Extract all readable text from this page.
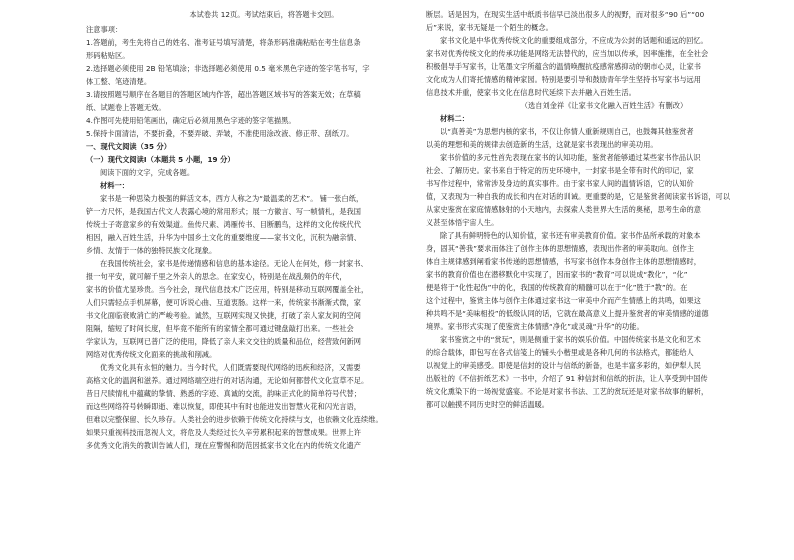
本试卷共 12页。考试结束后，将答题卡交回。
注意事项：
1.答题前，考生先将自己的姓名、准考证号填写清楚，将条形码准确粘贴在考生信息条
形码粘贴区。
2.选择题必须使用 2B 铅笔填涂；非选择题必须使用 0.5 毫米黑色字迹的签字笔书写，字
体工整、笔迹清楚。
3.请按照题号顺序在各题目的答题区域内作答，超出答题区域书写的答案无效；在草稿
纸、试题卷上答题无效。
4.作图可先使用铅笔画出，确定后必须用黑色字迹的签字笔描黑。
5.保持卡面清洁，不要折叠，不要弄破、弄皱，不准使用涂改液、修正带、刮纸刀。
一、现代文阅读（35 分）
（一）现代文阅读Ⅰ（本题共 5 小题，19 分）
阅读下面的文字，完成各题。
材料一：
家书是一种思染力极强的鲜活文本，西方人称之为“最温柔的艺术”。 铺一张白纸，
铲一方尺怀，是我国古代文人表露心境的常用形式；展一方徽言、写一帧情札，是我国
传统士子寄意家乡的有效渠道。鱼传尺素、鸿雁传书、目断鹏鸟，这样的文化传统代代
相因，融入百姓生活，升华为中国乡土文化的重要维度——家书文化，沉积为融亲情、
乡情、友情于一体的独特民族文化现象。
在我国传统社会，家书是传递情感和信息的基本途径。无论人在何处，修一封家书、
报一句平安，就可解千里之外亲人的思念。在家安心，特别是在战乱频仍的年代，
家书的价值尤显珍贵。当今社会，现代信息技术广泛应用，特别是移动互联网覆盖全社，
人们只需轻点手机屏幕，便可诉说心曲、互道衷肠。这样一来，传统家书渐渐式微，家
书文化面临衰败消亡的严峻考验。诚然，互联网实现又快捷，打破了亲人家友间的空间
阻隔，缩短了时间长度，但毕竟不能所有的家情全都可通过键盘敲打出来。一些社会
学家认为，互联网已普广泛的使用，降低了亲人来文交往的质量和品位，经营致何新网
网络对优秀传统文化面来的挑战和削减。
优秀文化具有永恒的魅力。当今时代，人们既需要现代网络的迅疾和经济，又需要
高格文化的温润和滋养。通过网络端空进行的对话沟通，无论如何都替代文化宣草不足。
昔日尺牍情札中蕴藏的挚情、熟悉的字迹、真诚的交流，韵味正式化的简单符号代替；
而这些网络符号转瞬即逝、难以恢复，即使其中有时也能进发出智慧火花和闪光言语，
但难以完整保留、长久珍存。人类社会的进步依赖于传统文化持续与支，也依赖文化连续维。
如果只重视科技而忽视人文，将危及人类经过长久辛劳累积起来的智慧成果。世界上许
多优秀文化消失的教训告诫人们，现在应警惕和防范因抵家书文化在内的传统文化遗产
断层。话是因为，在现实生活中纸质书信早已淡出很多人的视野，而对很多“90 后”“00
后”来说，家书无疑是一个陌生的概念。
家书文化是中华优秀传统文化的重要组成部分，不应成为公封的话题和遥远的回忆。
家书对优秀传统文化的传承功能是网络无法替代的，应当加以传承，因率施推，在全社会
积极倡导手写家书，让笔墨文字所蕴含的温情唤醒抗疫感常感抑动的朝市心灵，让家书
文化成为人们寄托情感的精神家园。特别是要引导和鼓励青年学生坚持书写家书与远用
信息技术并重，使家书文化在信息时代延续下去并融入百姓生活。
（选自刘金祥《让家书文化融入百姓生活》有删改）
材料二：
以“真善美”为思想内核的家书，不仅让你情人重新规则自己，也鼓舞其他鉴赏者
以美的理想和美的规律去创造新的生活，这就是家书表现出的审美功用。
家书价值的多元性首先表现在家书的认知功能，鉴赏者能够通过某些家书作品认识
社会、了解历史。家书来自于特定的历史环境中，一封家书是全带有时代的印记，家
书写作过程中，常常涉及身边的真实事件。由于家书家人间的温情诉语，它的认知价
值，又表现为一种自我的成长和内在对话的训诫。更重要的是，它是鉴赏者阅读家书诉语，可以
从家史鉴赏在家庭情感脉射的小天地内，去探索人类世界大生活的奥秘，思考生命的意
义甚至体悟宇宙人生。
除了具有鲜明特色的认知价值，家书还有审美教育价值。家书作品所承载的对象本
身，固其“善我”要求而体注了创作主体的思想情感，表现出作者的审美取向。创作主
体自主规律感到阐看家书传递的思想情感，书写家书创作本身创作主体的思想情感时，
家书的教育价值也在潜移默化中实现了，因而家书的“教育”可以说成“教化”，“化”
便是将于“化性起伪”中的化，我国的传统教育的精髓可以在于“化”胜于“教”的。在
这个过程中，鉴赏主体与创作主体通过家书这一审美中介而产生情感上的共鸣，如果这
种共鸣不是“美味相投”的低级认同的话，它就在最高意义上提升鉴赏者的审美情感的道德
境界。家书形式实现了使鉴赏主体情感“净化”或灵魂“升华”的功能。
家书鉴赏之中的“赏玩”，则是侧重于家书的娱乐价值。中国传统家书是文化和艺术
的综合载体，即包写在各式信笺上的铺头小楷里或是各种几何的书法格式，都能给人
以视觉上的审美感受。即使是信封的设计与信纸的新备，也是丰富多彩的，如伊犁人民
出版社的《不信折纸艺术》一书中，介绍了 91 种信封和信纸的折法，让人享受到中国传
统文化熏染下的一场视觉盛宴。不论是对家书书法、工艺的赏玩还是对家书故事的解析，
都可以触摸不同历史时空的鲜活温暖。
